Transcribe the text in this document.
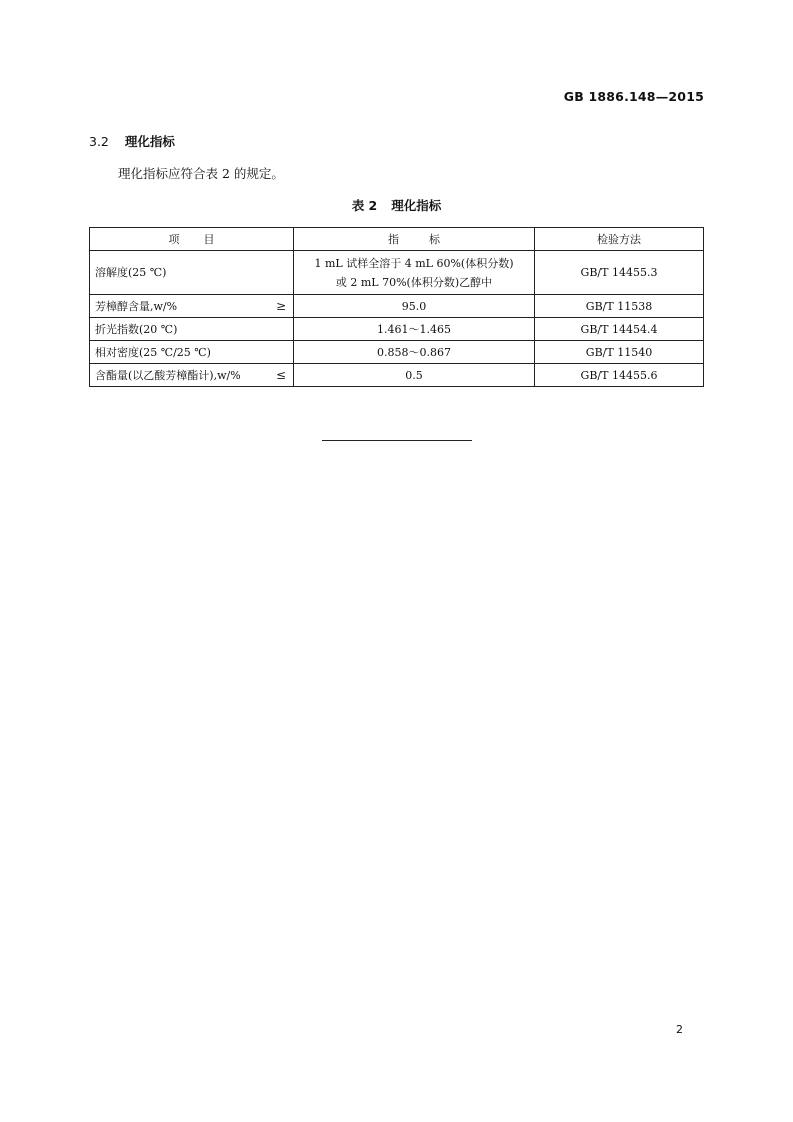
GB 1886.148—2015
3.2 理化指标
理化指标应符合表 2 的规定。
表 2 理化指标
项目	指标	检验方法

溶解度(25 ℃)	1 mL 试样全溶于 4 mL 60%(体积分数)
或 2 mL 70%(体积分数)乙醇中	GB/T 14455.3

芳樟醇含量,w/% ≥	95.0	GB/T 11538

折光指数(20 ℃)	1.461～1.465	GB/T 14454.4

相对密度(25 ℃/25 ℃)	0.858～0.867	GB/T 11540

含酯量(以乙酸芳樟酯计),w/% ≤	0.5	GB/T 14455.6
2
